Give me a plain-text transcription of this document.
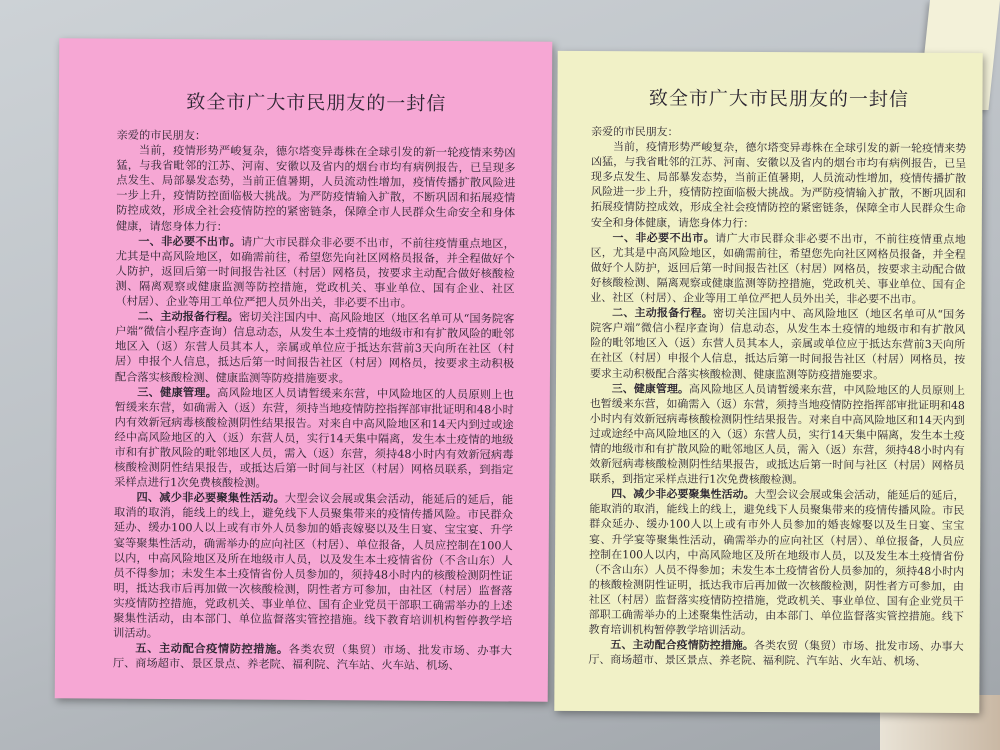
致全市广大市民朋友的一封信

亲爱的市民朋友：

当前，疫情形势严峻复杂，德尔塔变异毒株在全球引发的新一轮疫情来势凶猛，与我省毗邻的江苏、河南、安徽以及省内的烟台市均有病例报告，已呈现多点发生、局部暴发态势，当前正值暑期，人员流动性增加，疫情传播扩散风险进一步上升，疫情防控面临极大挑战。为严防疫情输入扩散，不断巩固和拓展疫情防控成效，形成全社会疫情防控的紧密链条，保障全市人民群众生命安全和身体健康，请您身体力行：

一、非必要不出市。请广大市民群众非必要不出市，不前往疫情重点地区，尤其是中高风险地区，如确需前往，希望您先向社区网格员报备，并全程做好个人防护，返回后第一时间报告社区（村居）网格员，按要求主动配合做好核酸检测、隔离观察或健康监测等防控措施，党政机关、事业单位、国有企业、社区（村居）、企业等用工单位严把人员外出关，非必要不出市。

二、主动报备行程。密切关注国内中、高风险地区（地区名单可从“国务院客户端”微信小程序查询）信息动态，从发生本土疫情的地级市和有扩散风险的毗邻地区入（返）东营人员其本人，亲属或单位应于抵达东营前3天向所在社区（村居）申报个人信息，抵达后第一时间报告社区（村居）网格员，按要求主动积极配合落实核酸检测、健康监测等防疫措施要求。

三、健康管理。高风险地区人员请暂缓来东营，中风险地区的人员原则上也暂缓来东营，如确需入（返）东营，须持当地疫情防控指挥部审批证明和48小时内有效新冠病毒核酸检测阴性结果报告。对来自中高风险地区和14天内到过或途经中高风险地区的入（返）东营人员，实行14天集中隔离，发生本土疫情的地级市和有扩散风险的毗邻地区人员，需入（返）东营，须持48小时内有效新冠病毒核酸检测阴性结果报告，或抵达后第一时间与社区（村居）网格员联系，到指定采样点进行1次免费核酸检测。

四、减少非必要聚集性活动。大型会议会展或集会活动，能延后的延后，能取消的取消，能线上的线上，避免线下人员聚集带来的疫情传播风险。市民群众延办、缓办100人以上或有市外人员参加的婚丧嫁娶以及生日宴、宝宝宴、升学宴等聚集性活动，确需举办的应向社区（村居）、单位报备，人员应控制在100人以内，中高风险地区及所在地级市人员，以及发生本土疫情省份（不含山东）人员不得参加；未发生本土疫情省份人员参加的，须持48小时内的核酸检测阴性证明，抵达我市后再加做一次核酸检测，阴性者方可参加，由社区（村居）监督落实疫情防控措施，党政机关、事业单位、国有企业党员干部职工确需举办的上述聚集性活动，由本部门、单位监督落实管控措施。线下教育培训机构暂停教学培训活动。

五、主动配合疫情防控措施。各类农贸（集贸）市场、批发市场、办事大厅、商场超市、景区景点、养老院、福利院、汽车站、火车站、机场、

致全市广大市民朋友的一封信

亲爱的市民朋友：

当前，疫情形势严峻复杂，德尔塔变异毒株在全球引发的新一轮疫情来势凶猛，与我省毗邻的江苏、河南、安徽以及省内的烟台市均有病例报告，已呈现多点发生、局部暴发态势，当前正值暑期，人员流动性增加，疫情传播扩散风险进一步上升，疫情防控面临极大挑战。为严防疫情输入扩散，不断巩固和拓展疫情防控成效，形成全社会疫情防控的紧密链条，保障全市人民群众生命安全和身体健康，请您身体力行：

一、非必要不出市。请广大市民群众非必要不出市，不前往疫情重点地区，尤其是中高风险地区，如确需前往，希望您先向社区网格员报备，并全程做好个人防护，返回后第一时间报告社区（村居）网格员，按要求主动配合做好核酸检测、隔离观察或健康监测等防控措施，党政机关、事业单位、国有企业、社区（村居）、企业等用工单位严把人员外出关，非必要不出市。

二、主动报备行程。密切关注国内中、高风险地区（地区名单可从“国务院客户端”微信小程序查询）信息动态，从发生本土疫情的地级市和有扩散风险的毗邻地区入（返）东营人员其本人，亲属或单位应于抵达东营前3天向所在社区（村居）申报个人信息，抵达后第一时间报告社区（村居）网格员，按要求主动积极配合落实核酸检测、健康监测等防疫措施要求。

三、健康管理。高风险地区人员请暂缓来东营，中风险地区的人员原则上也暂缓来东营，如确需入（返）东营，须持当地疫情防控指挥部审批证明和48小时内有效新冠病毒核酸检测阴性结果报告。对来自中高风险地区和14天内到过或途经中高风险地区的入（返）东营人员，实行14天集中隔离，发生本土疫情的地级市和有扩散风险的毗邻地区人员，需入（返）东营，须持48小时内有效新冠病毒核酸检测阴性结果报告，或抵达后第一时间与社区（村居）网格员联系，到指定采样点进行1次免费核酸检测。

四、减少非必要聚集性活动。大型会议会展或集会活动，能延后的延后，能取消的取消，能线上的线上，避免线下人员聚集带来的疫情传播风险。市民群众延办、缓办100人以上或有市外人员参加的婚丧嫁娶以及生日宴、宝宝宴、升学宴等聚集性活动，确需举办的应向社区（村居）、单位报备，人员应控制在100人以内，中高风险地区及所在地级市人员，以及发生本土疫情省份（不含山东）人员不得参加；未发生本土疫情省份人员参加的，须持48小时内的核酸检测阴性证明，抵达我市后再加做一次核酸检测，阴性者方可参加，由社区（村居）监督落实疫情防控措施，党政机关、事业单位、国有企业党员干部职工确需举办的上述聚集性活动，由本部门、单位监督落实管控措施。线下教育培训机构暂停教学培训活动。

五、主动配合疫情防控措施。各类农贸（集贸）市场、批发市场、办事大厅、商场超市、景区景点、养老院、福利院、汽车站、火车站、机场、
